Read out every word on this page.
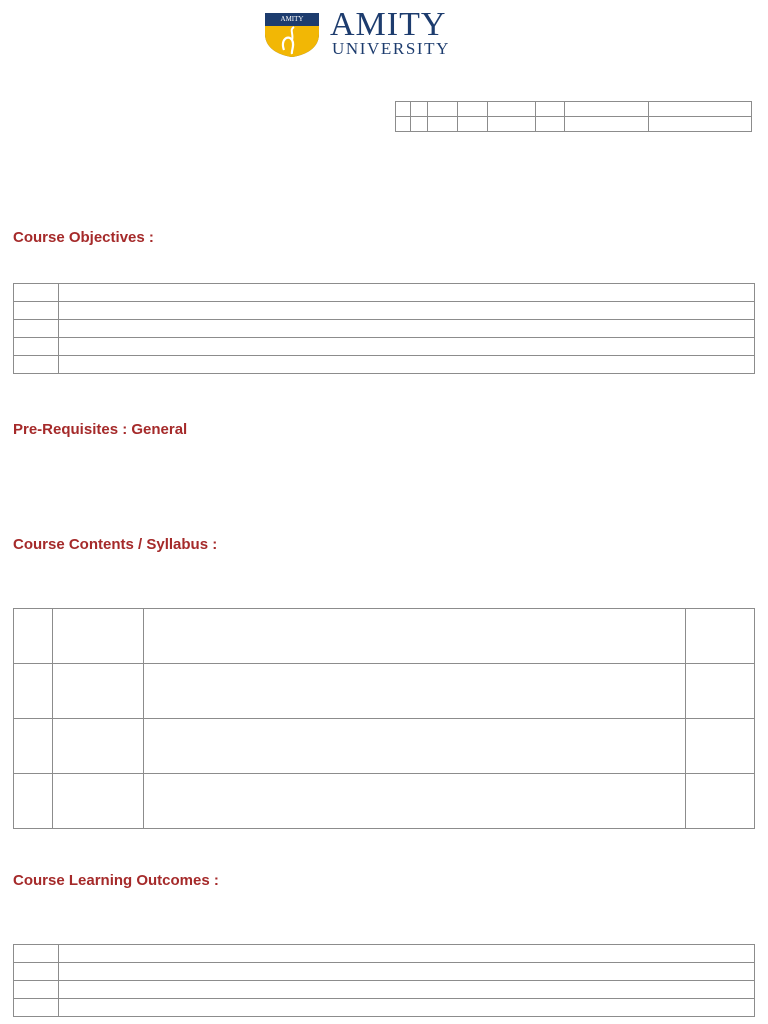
AMITY AMITY
UNIVERSITY

Course Objectives :

Pre-Requisites : General
Course Contents / Syllabus :

Course Learning Outcomes :
